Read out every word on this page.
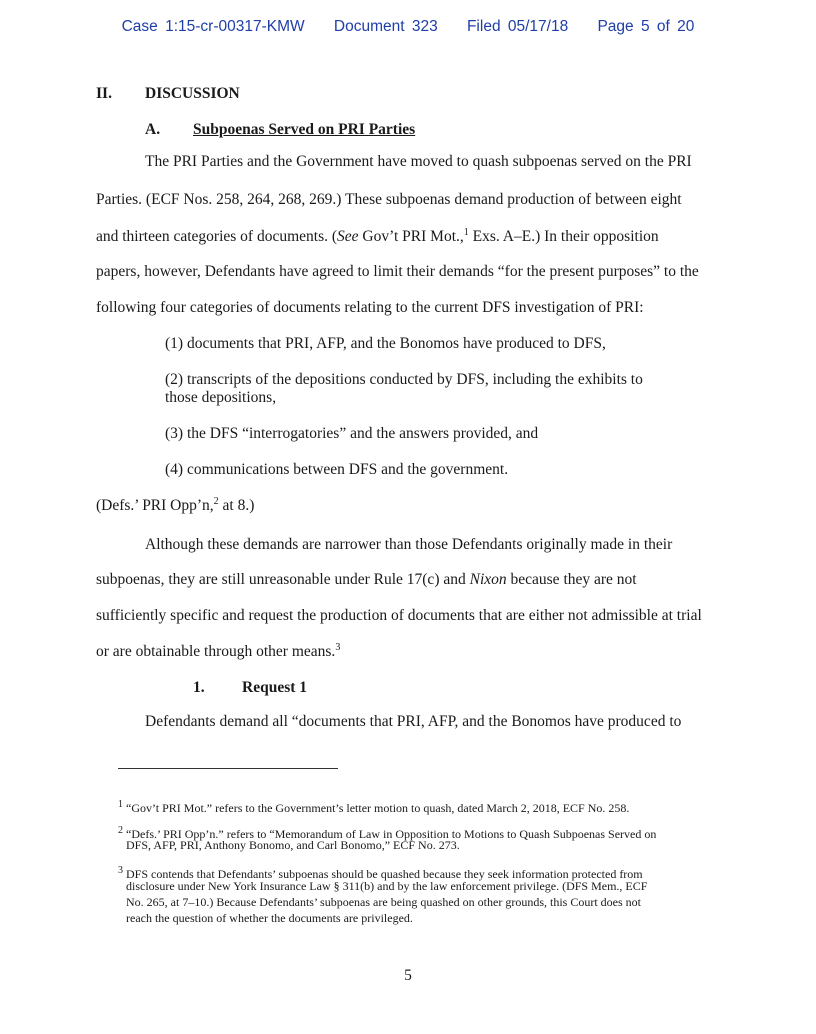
Case 1:15-cr-00317-KMW Document 323 Filed 05/17/18 Page 5 of 20
II. DISCUSSION
A. Subpoenas Served on PRI Parties
The PRI Parties and the Government have moved to quash subpoenas served on the PRI
Parties. (ECF Nos. 258, 264, 268, 269.) These subpoenas demand production of between eight
and thirteen categories of documents. (See Gov’t PRI Mot.,$^1$ Exs. A–E.) In their opposition
papers, however, Defendants have agreed to limit their demands “for the present purposes” to the
following four categories of documents relating to the current DFS investigation of PRI:
(1) documents that PRI, AFP, and the Bonomos have produced to DFS,
(2) transcripts of the depositions conducted by DFS, including the exhibits to
those depositions,
(3) the DFS “interrogatories” and the answers provided, and
(4) communications between DFS and the government.
(Defs.’ PRI Opp’n,$^2$ at 8.)
Although these demands are narrower than those Defendants originally made in their
subpoenas, they are still unreasonable under Rule 17(c) and Nixon because they are not
sufficiently specific and request the production of documents that are either not admissible at trial
or are obtainable through other means.$^3$
1. Request 1
Defendants demand all “documents that PRI, AFP, and the Bonomos have produced to
$^1$ “Gov’t PRI Mot.” refers to the Government’s letter motion to quash, dated March 2, 2018, ECF No. 258.
$^2$ “Defs.’ PRI Opp’n.” refers to “Memorandum of Law in Opposition to Motions to Quash Subpoenas Served on
DFS, AFP, PRI, Anthony Bonomo, and Carl Bonomo,” ECF No. 273.
$^3$ DFS contends that Defendants’ subpoenas should be quashed because they seek information protected from
disclosure under New York Insurance Law § 311(b) and by the law enforcement privilege. (DFS Mem., ECF
No. 265, at 7–10.) Because Defendants’ subpoenas are being quashed on other grounds, this Court does not
reach the question of whether the documents are privileged.
5
